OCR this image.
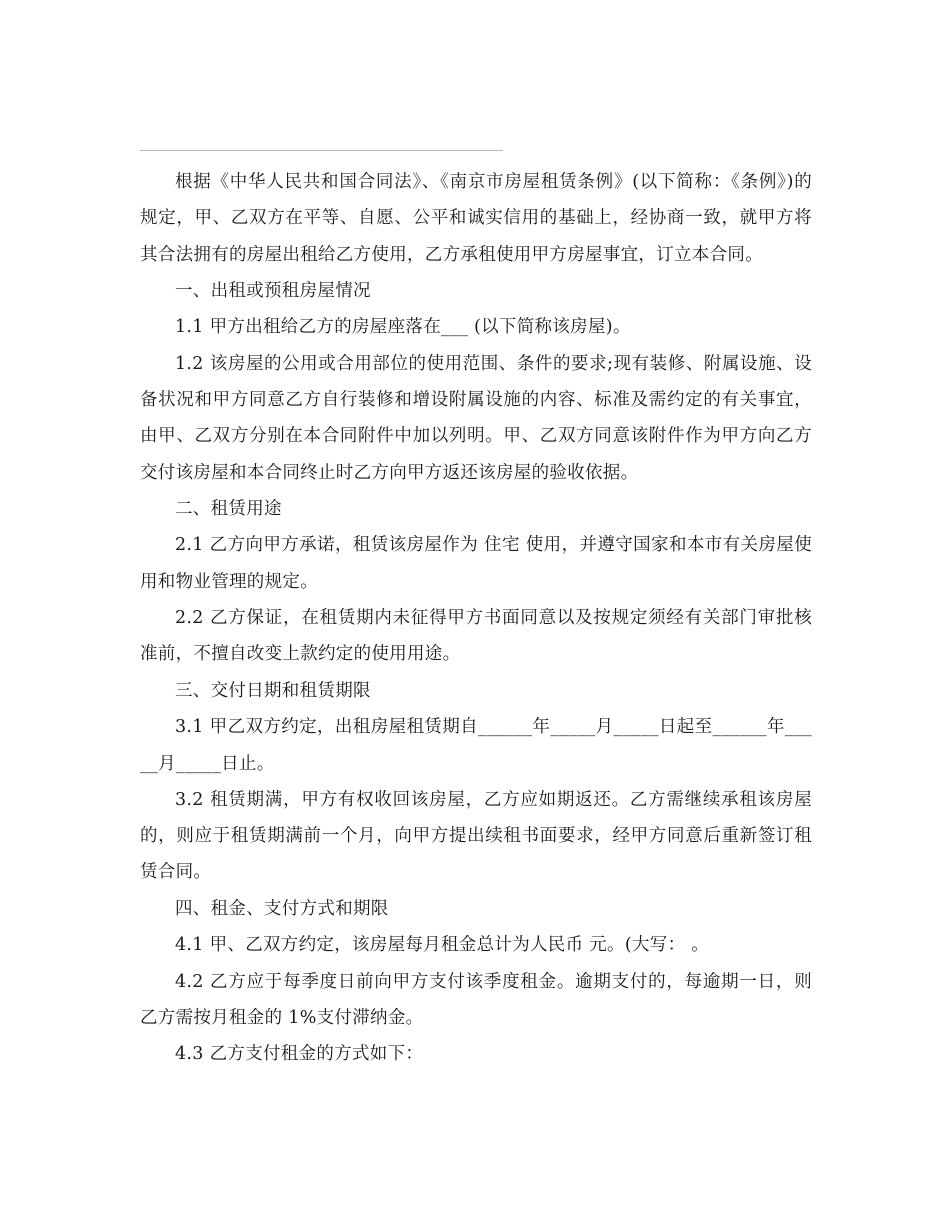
根据《中华人民共和国合同法》、《南京市房屋租赁条例》(以下简称：《条例》)的规定，甲、乙双方在平等、自愿、公平和诚实信用的基础上，经协商一致，就甲方将其合法拥有的房屋出租给乙方使用，乙方承租使用甲方房屋事宜，订立本合同。

一、出租或预租房屋情况

1.1 甲方出租给乙方的房屋座落在___ (以下简称该房屋)。

1.2 该房屋的公用或合用部位的使用范围、条件的要求;现有装修、附属设施、设备状况和甲方同意乙方自行装修和增设附属设施的内容、标准及需约定的有关事宜，由甲、乙双方分别在本合同附件中加以列明。甲、乙双方同意该附件作为甲方向乙方交付该房屋和本合同终止时乙方向甲方返还该房屋的验收依据。

二、租赁用途

2.1 乙方向甲方承诺，租赁该房屋作为 住宅 使用，并遵守国家和本市有关房屋使用和物业管理的规定。

2.2 乙方保证，在租赁期内未征得甲方书面同意以及按规定须经有关部门审批核准前，不擅自改变上款约定的使用用途。

三、交付日期和租赁期限

3.1 甲乙双方约定，出租房屋租赁期自______年_____月_____日起至______年_____月_____日止。

3.2 租赁期满，甲方有权收回该房屋，乙方应如期返还。乙方需继续承租该房屋的，则应于租赁期满前一个月，向甲方提出续租书面要求，经甲方同意后重新签订租赁合同。

四、租金、支付方式和期限

4.1 甲、乙双方约定，该房屋每月租金总计为人民币 元。(大写： 。

4.2 乙方应于每季度日前向甲方支付该季度租金。逾期支付的，每逾期一日，则乙方需按月租金的 1%支付滞纳金。

4.3 乙方支付租金的方式如下：
